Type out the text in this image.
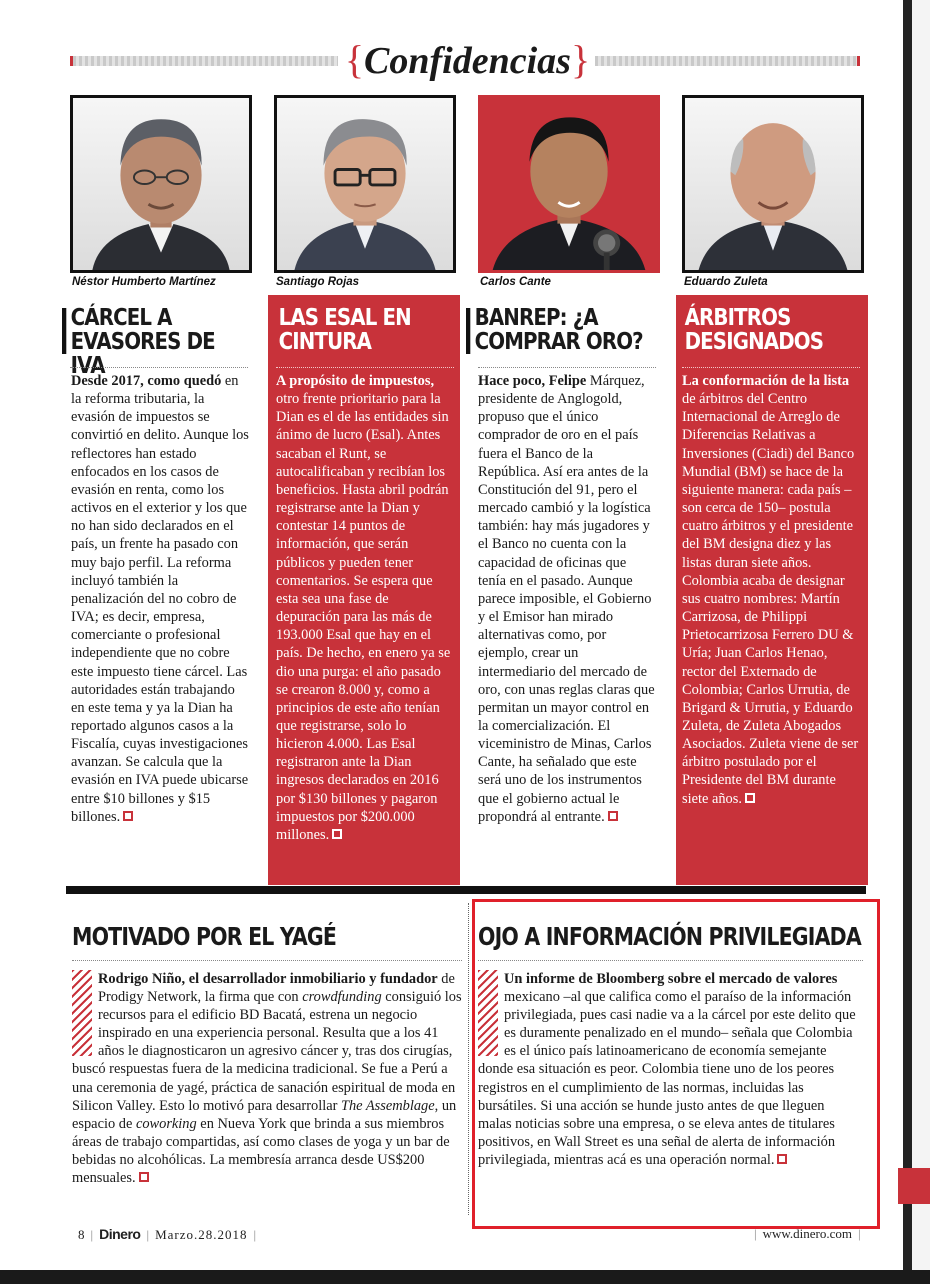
{Confidencias}
Néstor Humberto Martínez	Santiago Rojas	Carlos Cante	Eduardo Zuleta
CÁRCEL A
EVASORES DE IVA
Desde 2017, como quedó en la reforma tributaria, la evasión de impuestos se convirtió en delito. Aunque los reflectores han estado enfocados en los casos de evasión en renta, como los activos en el exterior y los que no han sido declarados en el país, un frente ha pasado con muy bajo perfil. La reforma incluyó también la penalización del no cobro de IVA; es decir, empresa, comerciante o profesional independiente que no cobre este impuesto tiene cárcel. Las autoridades están trabajando en este tema y ya la Dian ha reportado algunos casos a la Fiscalía, cuyas investigaciones avanzan. Se calcula que la evasión en IVA puede ubicarse entre $10 billones y $15 billones.
LAS ESAL EN
CINTURA
A propósito de impuestos, otro frente prioritario para la Dian es el de las entidades sin ánimo de lucro (Esal). Antes sacaban el Runt, se autocalificaban y recibían los beneficios. Hasta abril podrán registrarse ante la Dian y contestar 14 puntos de información, que serán públicos y pueden tener comentarios. Se espera que esta sea una fase de depuración para las más de 193.000 Esal que hay en el país. De hecho, en enero ya se dio una purga: el año pasado se crearon 8.000 y, como a principios de este año tenían que registrarse, solo lo hicieron 4.000. Las Esal registraron ante la Dian ingresos declarados en 2016 por $130 billones y pagaron impuestos por $200.000 millones.
BANREP: ¿A
COMPRAR ORO?
Hace poco, Felipe Márquez, presidente de Anglogold, propuso que el único comprador de oro en el país fuera el Banco de la República. Así era antes de la Constitución del 91, pero el mercado cambió y la logística también: hay más jugadores y el Banco no cuenta con la capacidad de oficinas que tenía en el pasado. Aunque parece imposible, el Gobierno y el Emisor han mirado alternativas como, por ejemplo, crear un intermediario del mercado de oro, con unas reglas claras que permitan un mayor control en la comercialización. El viceministro de Minas, Carlos Cante, ha señalado que este será uno de los instrumentos que el gobierno actual le propondrá al entrante.
ÁRBITROS
DESIGNADOS
La conformación de la lista de árbitros del Centro Internacional de Arreglo de Diferencias Relativas a Inversiones (Ciadi) del Banco Mundial (BM) se hace de la siguiente manera: cada país –son cerca de 150– postula cuatro árbitros y el presidente del BM designa diez y las listas duran siete años. Colombia acaba de designar sus cuatro nombres: Martín Carrizosa, de Philippi Prietocarrizosa Ferrero DU & Uría; Juan Carlos Henao, rector del Externado de Colombia; Carlos Urrutia, de Brigard & Urrutia, y Eduardo Zuleta, de Zuleta Abogados Asociados. Zuleta viene de ser árbitro postulado por el Presidente del BM durante siete años.
MOTIVADO POR EL YAGÉ
Rodrigo Niño, el desarrollador inmobiliario y fundador de Prodigy Network, la firma que con crowdfunding consiguió los recursos para el edificio BD Bacatá, estrena un negocio inspirado en una experiencia personal. Resulta que a los 41 años le diagnosticaron un agresivo cáncer y, tras dos cirugías, buscó respuestas fuera de la medicina tradicional. Se fue a Perú a una ceremonia de yagé, práctica de sanación espiritual de moda en Silicon Valley. Esto lo motivó para desarrollar The Assemblage, un espacio de coworking en Nueva York que brinda a sus miembros áreas de trabajo compartidas, así como clases de yoga y un bar de bebidas no alcohólicas. La membresía arranca desde US$200 mensuales.
OJO A INFORMACIÓN PRIVILEGIADA
Un informe de Bloomberg sobre el mercado de valores mexicano –al que califica como el paraíso de la información privilegiada, pues casi nadie va a la cárcel por este delito que es duramente penalizado en el mundo– señala que Colombia es el único país latinoamericano de economía semejante donde esa situación es peor. Colombia tiene uno de los peores registros en el cumplimiento de las normas, incluidas las bursátiles. Si una acción se hunde justo antes de que lleguen malas noticias sobre una empresa, o se eleva antes de titulares positivos, en Wall Street es una señal de alerta de información privilegiada, mientras acá es una operación normal.
8 | Dinero | Marzo.28.2018 |	| www.dinero.com |
